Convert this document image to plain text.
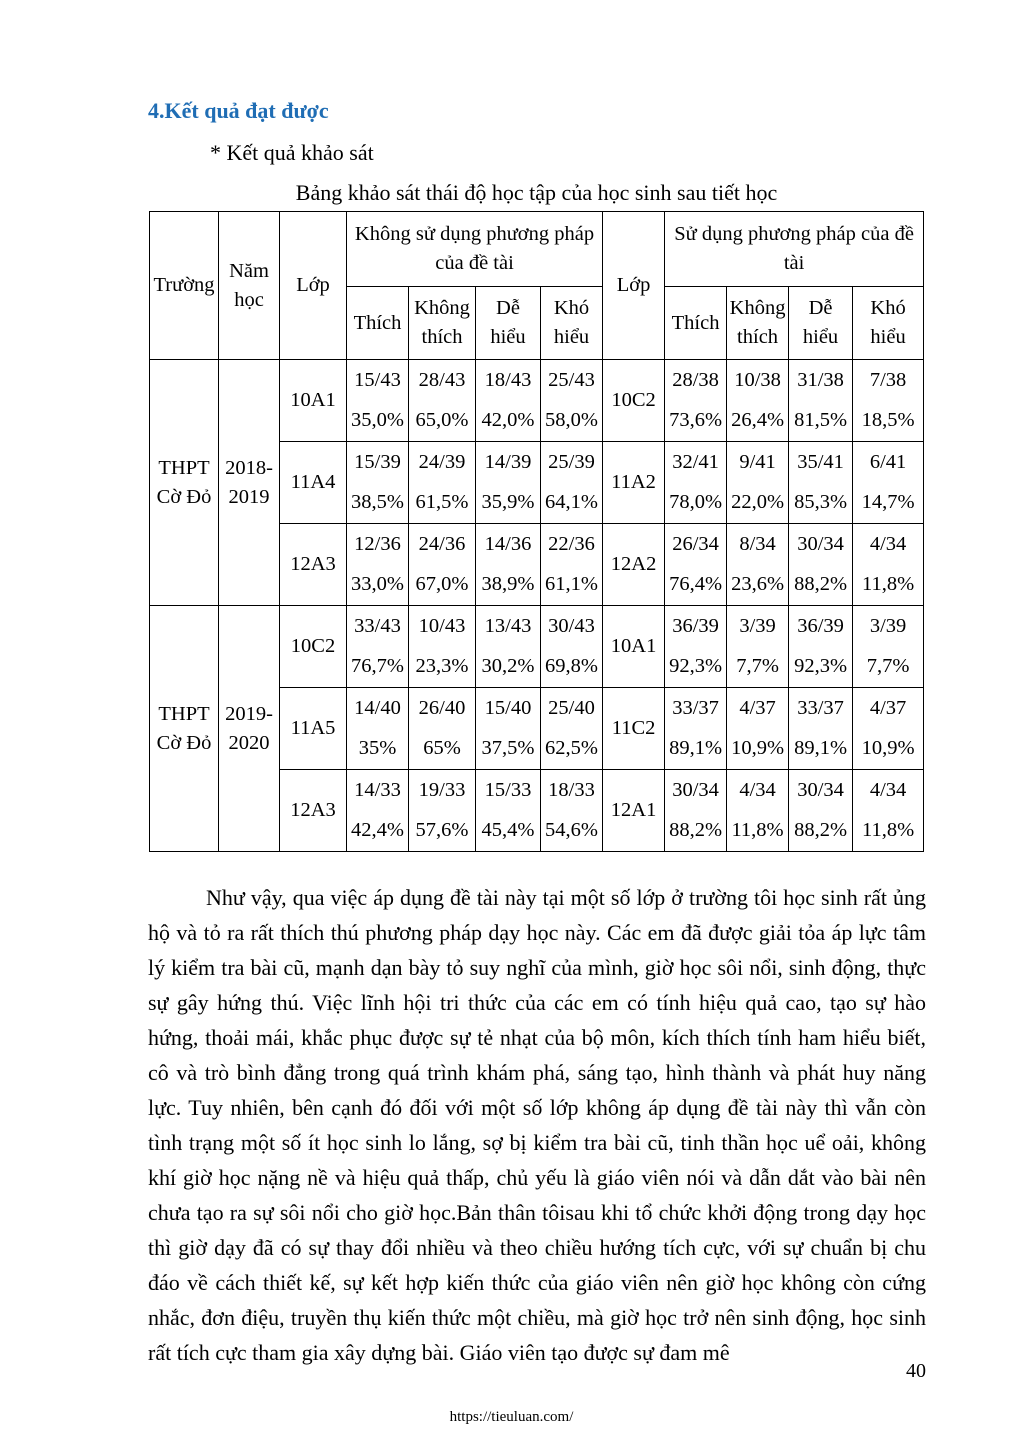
4.Kết quả đạt được
* Kết quả khảo sát
Bảng khảo sát thái độ học tập của học sinh sau tiết học
Trường	Năm học	Lớp	Không sử dụng phương pháp của đề tài				Lớp	Sử dụng phương pháp của đề tài			
			Thích	Không thích	Dễ hiểu	Khó hiểu		Thích	Không thích	Dễ hiểu	Khó hiểu
THPT Cờ Đỏ	2018-2019	10A1	15/43	28/43	18/43	25/43	10C2	28/38	10/38	31/38	7/38
			35,0%	65,0%	42,0%	58,0%		73,6%	26,4%	81,5%	18,5%
		11A4	15/39	24/39	14/39	25/39	11A2	32/41	9/41	35/41	6/41
			38,5%	61,5%	35,9%	64,1%		78,0%	22,0%	85,3%	14,7%
		12A3	12/36	24/36	14/36	22/36	12A2	26/34	8/34	30/34	4/34
			33,0%	67,0%	38,9%	61,1%		76,4%	23,6%	88,2%	11,8%
THPT Cờ Đỏ	2019-2020	10C2	33/43	10/43	13/43	30/43	10A1	36/39	3/39	36/39	3/39
			76,7%	23,3%	30,2%	69,8%		92,3%	7,7%	92,3%	7,7%
		11A5	14/40	26/40	15/40	25/40	11C2	33/37	4/37	33/37	4/37
			35%	65%	37,5%	62,5%		89,1%	10,9%	89,1%	10,9%
		12A3	14/33	19/33	15/33	18/33	12A1	30/34	4/34	30/34	4/34
			42,4%	57,6%	45,4%	54,6%		88,2%	11,8%	88,2%	11,8%
Như vậy, qua việc áp dụng đề tài này tại một số lớp ở trường tôi học sinh rất ủng hộ và tỏ ra rất thích thú phương pháp dạy học này. Các em đã được giải tỏa áp lực tâm lý kiểm tra bài cũ, mạnh dạn bày tỏ suy nghĩ của mình, giờ học sôi nổi, sinh động, thực sự gây hứng thú. Việc lĩnh hội tri thức của các em có tính hiệu quả cao, tạo sự hào hứng, thoải mái, khắc phục được sự tẻ nhạt của bộ môn, kích thích tính ham hiểu biết, cô và trò bình đẳng trong quá trình khám phá, sáng tạo, hình thành và phát huy năng lực. Tuy nhiên, bên cạnh đó đối với một số lớp không áp dụng đề tài này thì vẫn còn tình trạng một số ít học sinh lo lắng, sợ bị kiểm tra bài cũ, tinh thần học uể oải, không khí giờ học nặng nề và hiệu quả thấp, chủ yếu là giáo viên nói và dẫn dắt vào bài nên chưa tạo ra sự sôi nổi cho giờ học.Bản thân tôisau khi tổ chức khởi động trong dạy học thì giờ dạy đã có sự thay đổi nhiều và theo chiều hướng tích cực, với sự chuẩn bị chu đáo về cách thiết kế, sự kết hợp kiến thức của giáo viên nên giờ học không còn cứng nhắc, đơn điệu, truyền thụ kiến thức một chiều, mà giờ học trở nên sinh động, học sinh rất tích cực tham gia xây dựng bài. Giáo viên tạo được sự đam mê
40
https://tieuluan.com/
